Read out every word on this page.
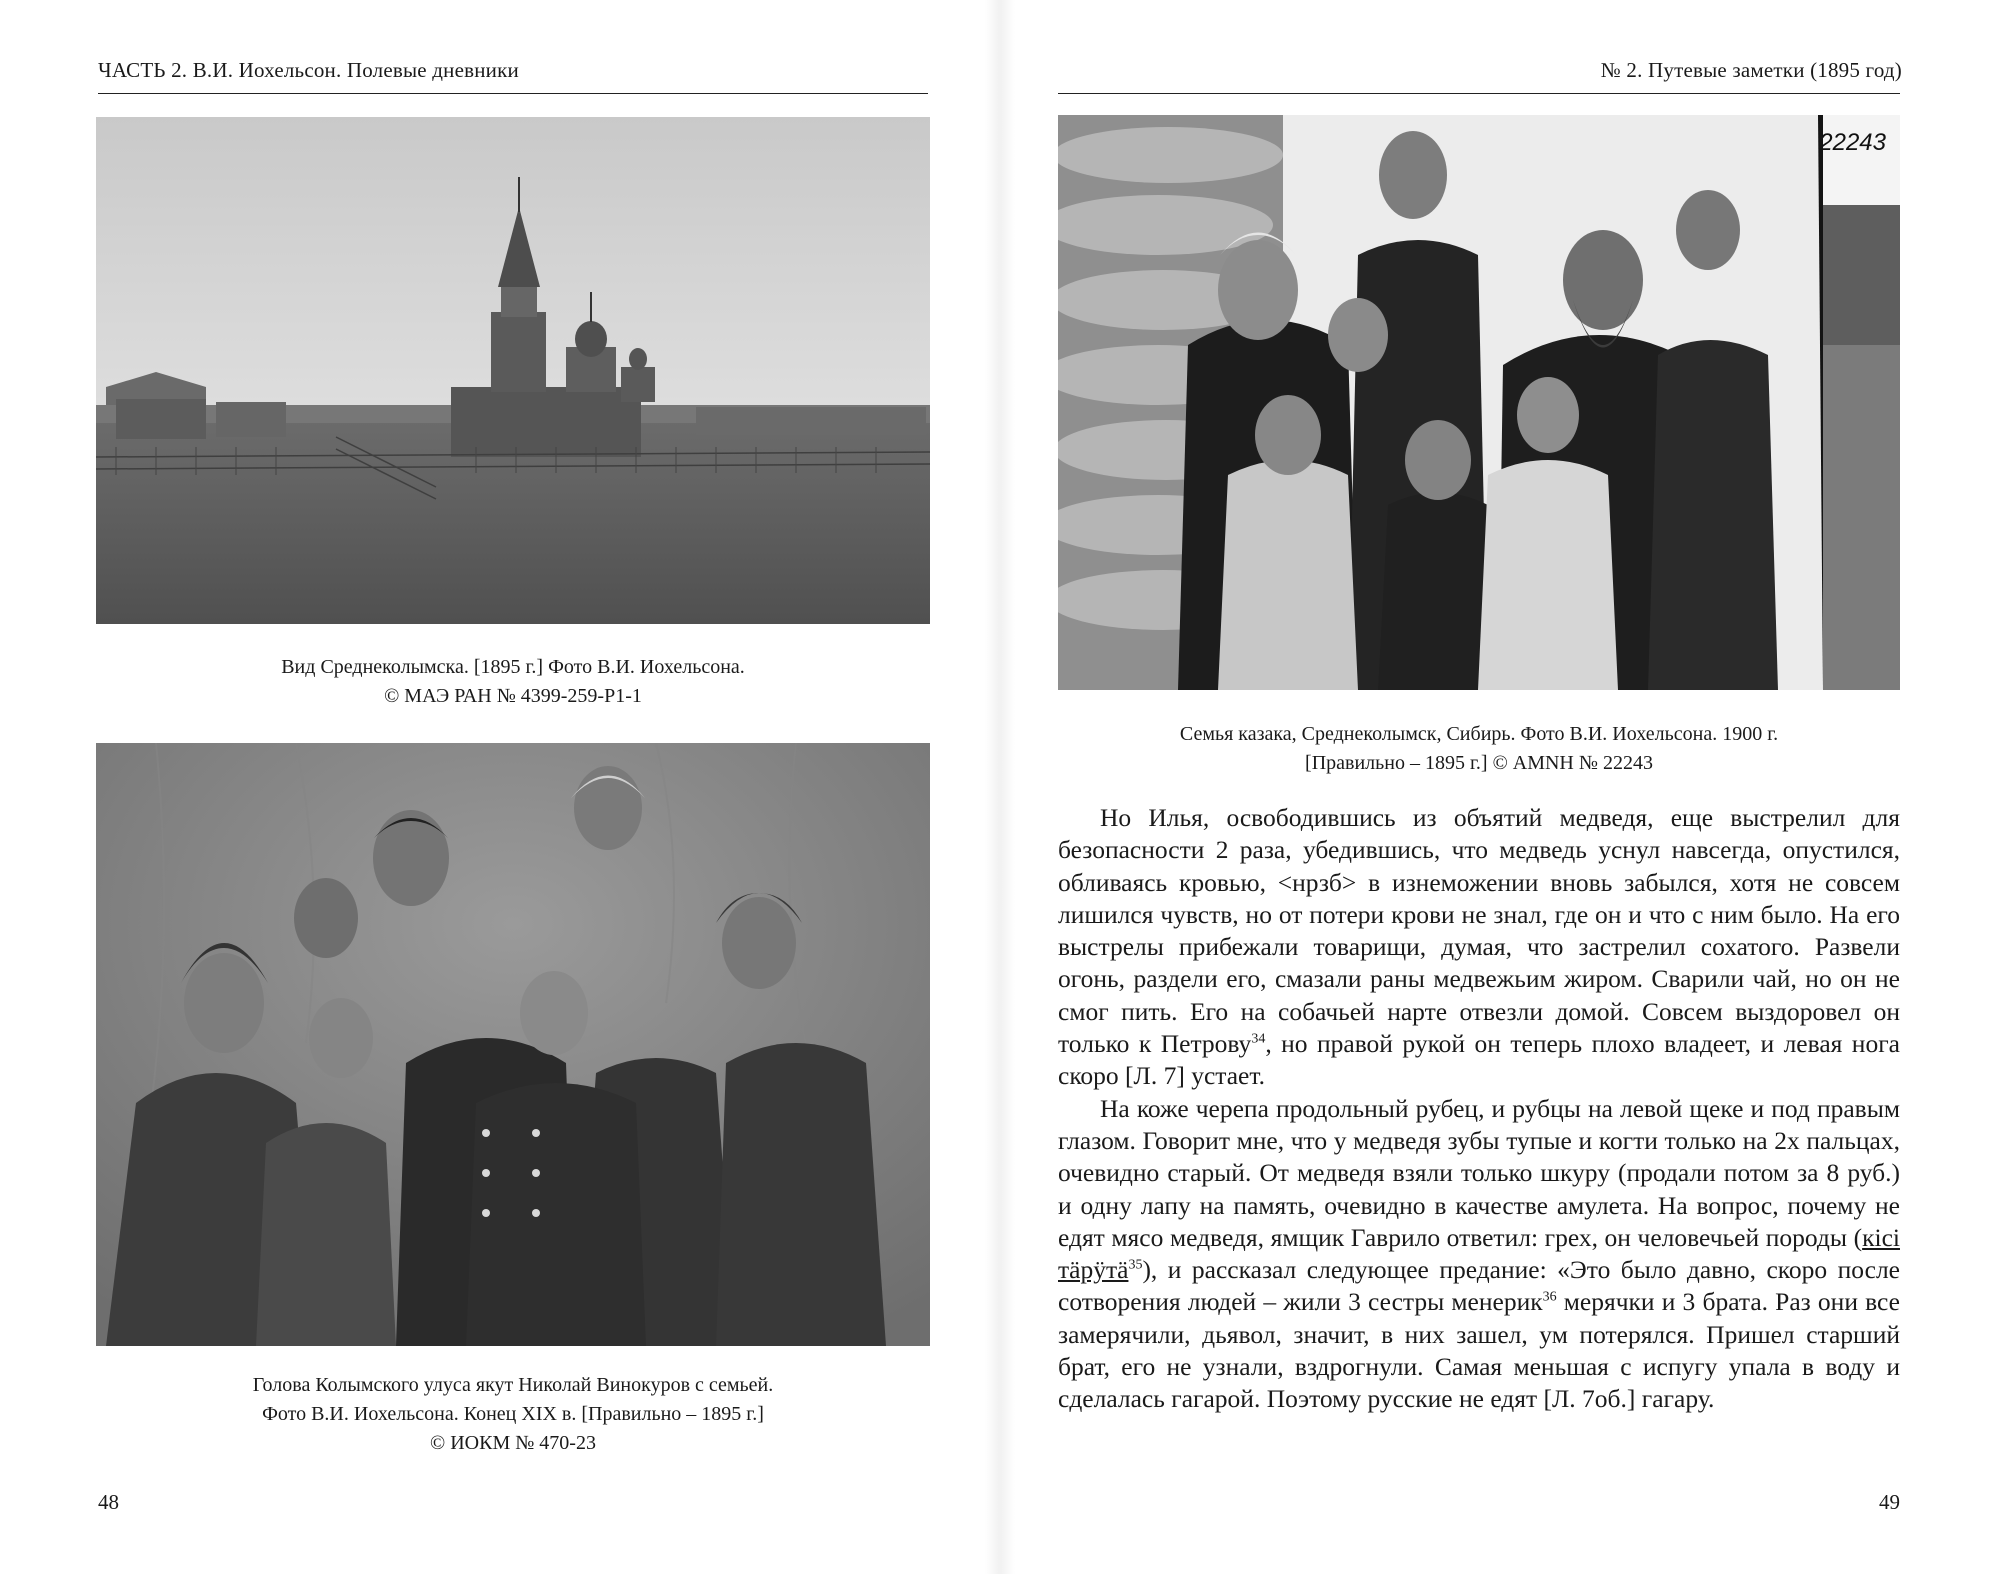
ЧАСТЬ 2. В.И. Иохельсон. Полевые дневники
Вид Среднеколымска. [1895 г.] Фото В.И. Иохельсона.
© МАЭ РАН № 4399-259-P1-1
Голова Колымского улуса якут Николай Винокуров с семьей.
Фото В.И. Иохельсона. Конец XIX в. [Правильно – 1895 г.]
© ИОКМ № 470-23
48
№ 2. Путевые заметки (1895 год)
22243
Семья казака, Среднеколымск, Сибирь. Фото В.И. Иохельсона. 1900 г.
[Правильно – 1895 г.] © AMNH № 22243

Но Илья, освободившись из объятий медведя, еще выстрелил для безопасности 2 раза, убедившись, что медведь уснул навсегда, опустился, обливаясь кровью, <нрзб> в изнеможении вновь забылся, хотя не совсем лишился чувств, но от потери крови не знал, где он и что с ним было. На его выстрелы прибежали товарищи, думая, что застрелил сохатого. Развели огонь, раздели его, смазали раны медвежьим жиром. Сварили чай, но он не смог пить. Его на собачьей нарте отвезли домой. Совсем выздоровел он только к Петрову$^{34}$, но правой рукой он теперь плохо владеет, и левая нога скоро [Л. 7] устает.

На коже черепа продольный рубец, и рубцы на левой щеке и под правым глазом. Говорит мне, что у медведя зубы тупые и когти только на 2х пальцах, очевидно старый. От медведя взяли только шкуру (продали потом за 8 руб.) и одну лапу на память, очевидно в качестве амулета. На вопрос, почему не едят мясо медведя, ямщик Гаврило ответил: грех, он человечьей породы (кісі тäрÿтä$^{35}$), и рассказал следующее предание: «Это было давно, скоро после сотворения людей – жили 3 сестры менерик$^{36}$ мерячки и 3 брата. Раз они все замерячили, дьявол, значит, в них зашел, ум потерялся. Пришел старший брат, его не узнали, вздрогнули. Самая меньшая с испугу упала в воду и сделалась гагарой. Поэтому русские не едят [Л. 7об.] гагару.

49
